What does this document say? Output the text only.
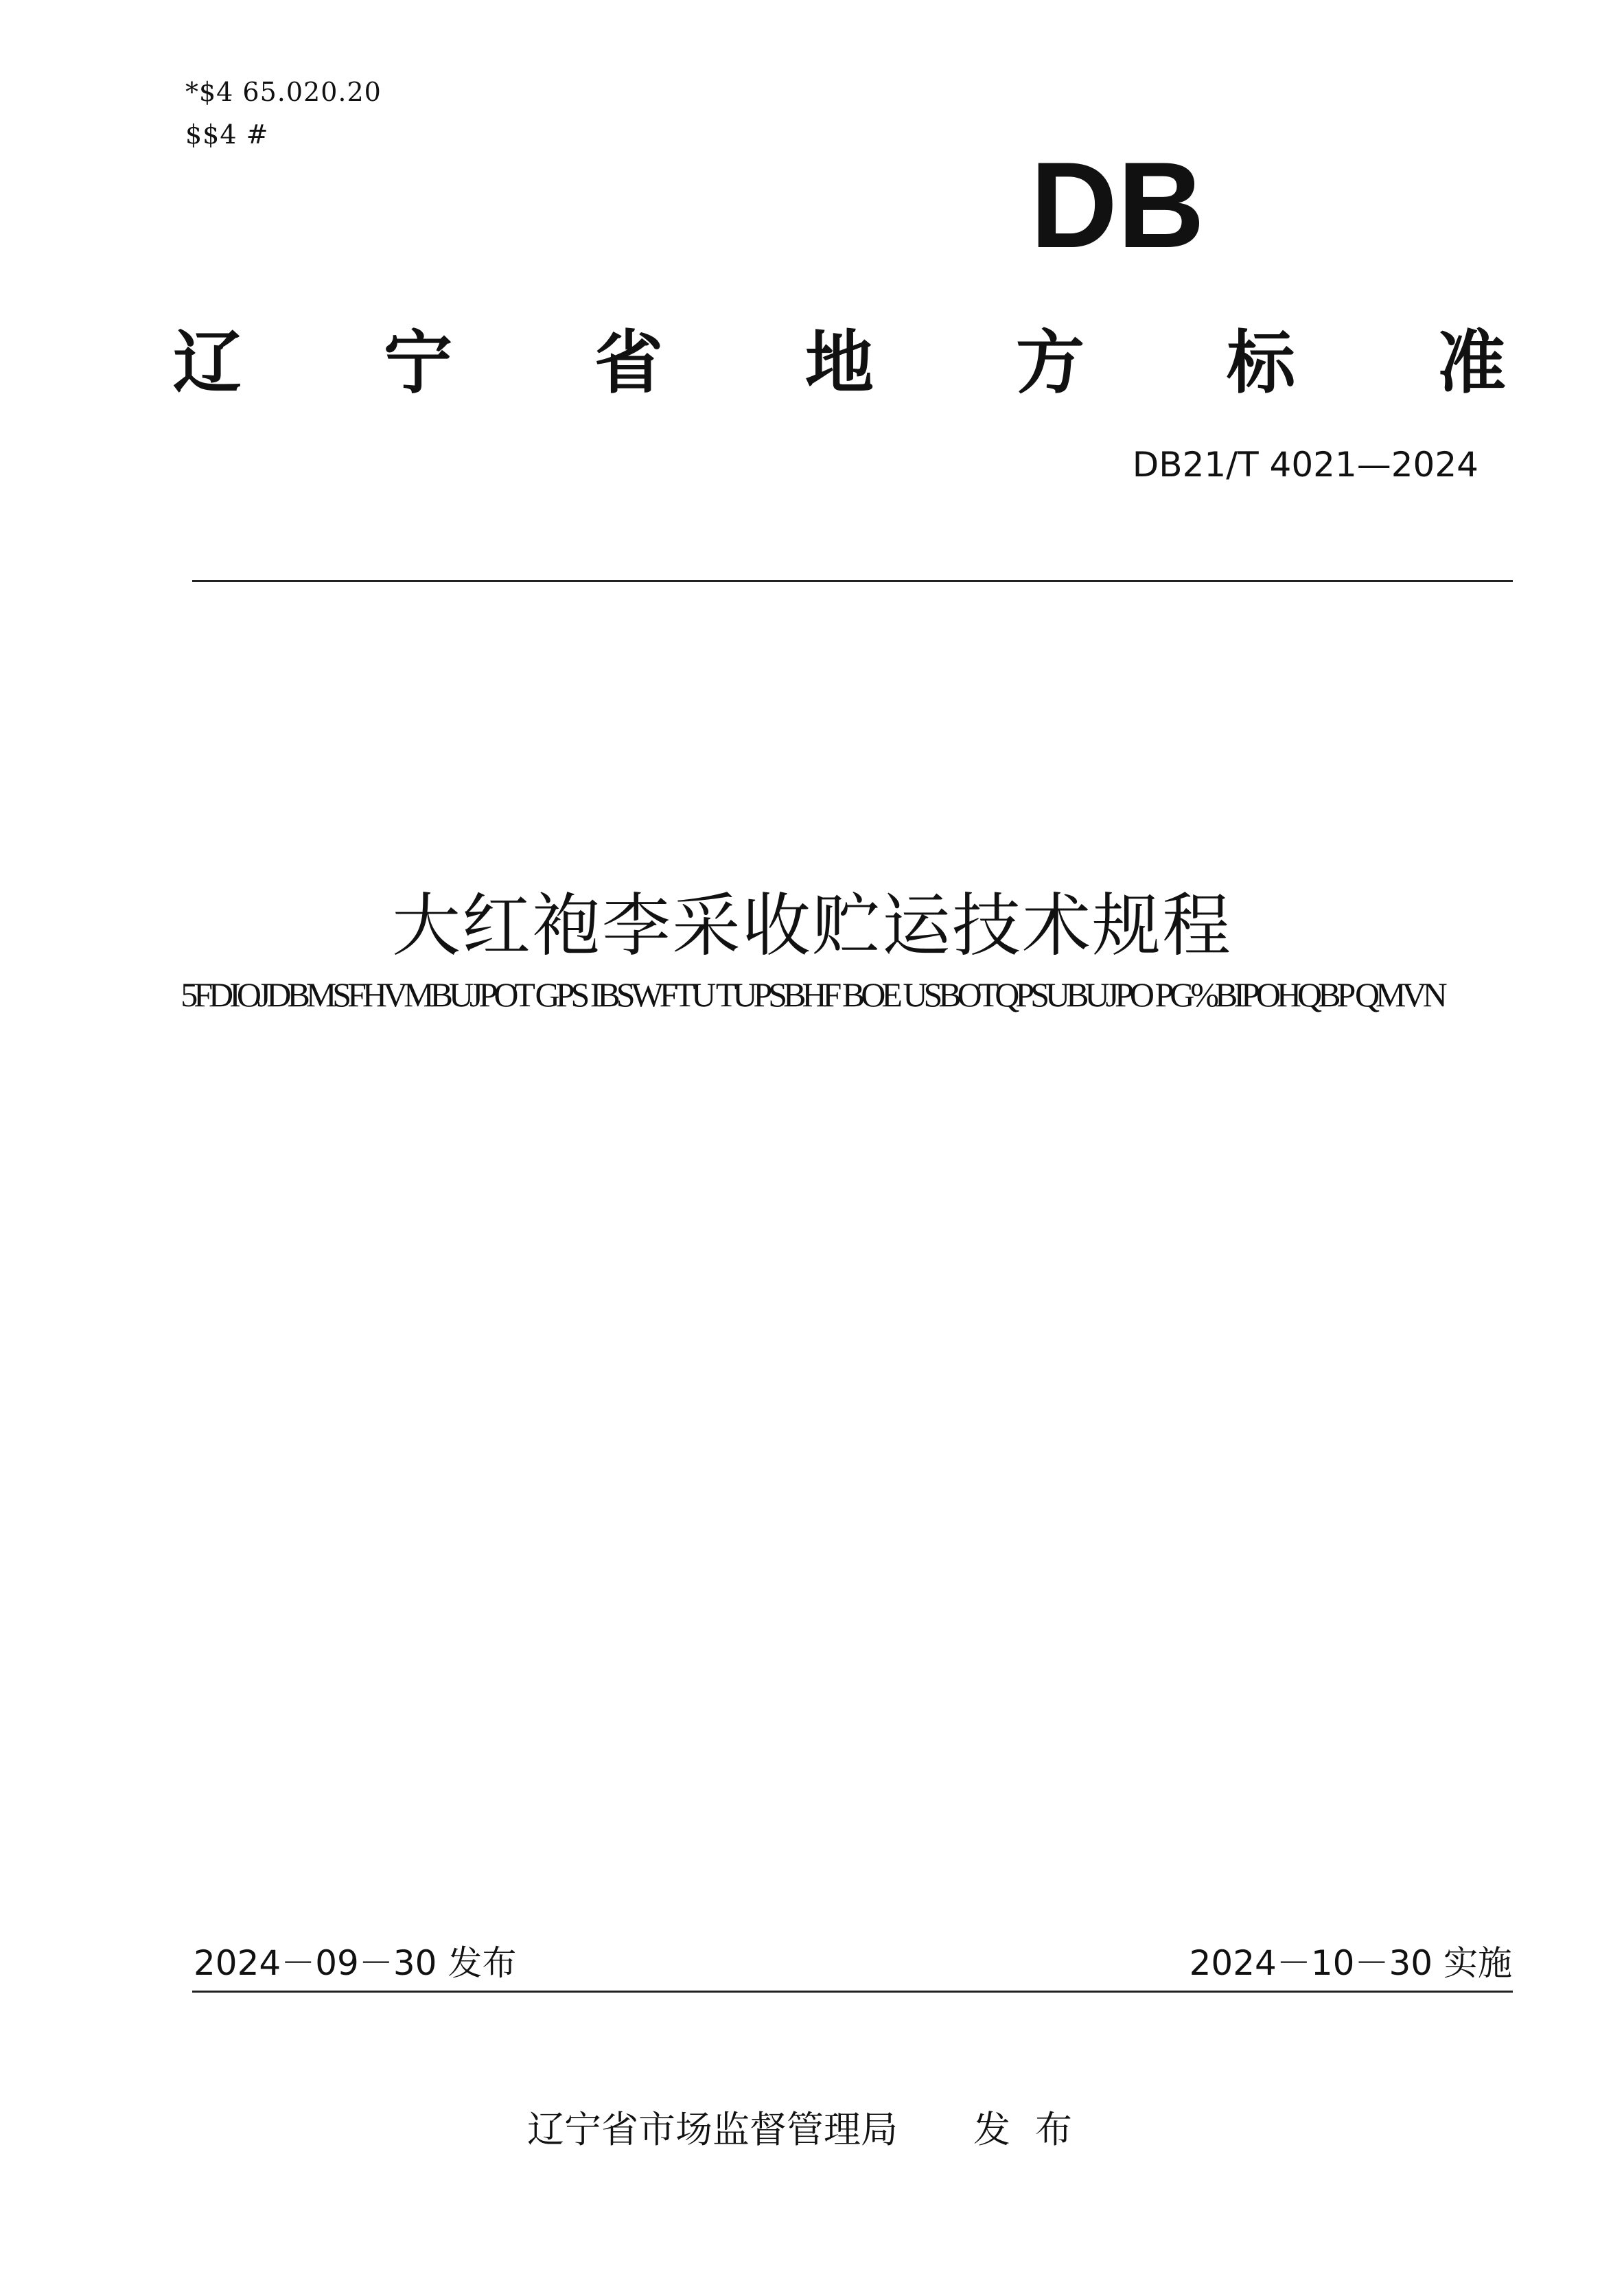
*$4 65.020.20
$$4 #
DB
辽 宁 省 地 方 标 准
DB21/T 4021—2024
大红袍李采收贮运技术规程
5FDIOJDBMSFHVMBUJPOT GPS IBSWFTU TUPSBHF BOE USBOTQPSUBUJPO PG%BIPOHQBP QMVN
2024－09－30 发布	2024－10－30 实施
辽宁省市场监督管理局 发布
